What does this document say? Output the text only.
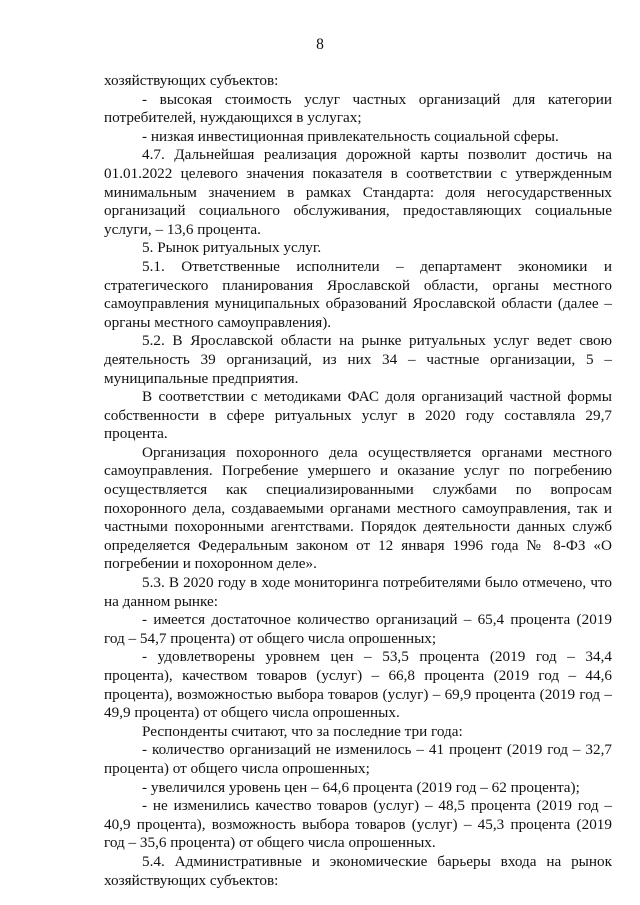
8

хозяйствующих субъектов:

- высокая стоимость услуг частных организаций для категории потребителей, нуждающихся в услугах;

- низкая инвестиционная привлекательность социальной сферы.

4.7. Дальнейшая реализация дорожной карты позволит достичь на 01.01.2022 целевого значения показателя в соответствии с утвержденным минимальным значением в рамках Стандарта: доля негосударственных организаций социального обслуживания, предоставляющих социальные услуги, – 13,6 процента.

5. Рынок ритуальных услуг.

5.1. Ответственные исполнители – департамент экономики и стратегического планирования Ярославской области, органы местного самоуправления муниципальных образований Ярославской области (далее – органы местного самоуправления).

5.2. В Ярославской области на рынке ритуальных услуг ведет свою деятельность 39 организаций, из них 34 – частные организации, 5 – муниципальные предприятия.

В соответствии с методиками ФАС доля организаций частной формы собственности в сфере ритуальных услуг в 2020 году составляла 29,7 процента.

Организация похоронного дела осуществляется органами местного самоуправления. Погребение умершего и оказание услуг по погребению осуществляется как специализированными службами по вопросам похоронного дела, создаваемыми органами местного самоуправления, так и частными похоронными агентствами. Порядок деятельности данных служб определяется Федеральным законом от 12 января 1996 года № 8-ФЗ «О погребении и похоронном деле».

5.3. В 2020 году в ходе мониторинга потребителями было отмечено, что на данном рынке:

- имеется достаточное количество организаций – 65,4 процента (2019 год – 54,7 процента) от общего числа опрошенных;

- удовлетворены уровнем цен – 53,5 процента (2019 год – 34,4 процента), качеством товаров (услуг) – 66,8 процента (2019 год – 44,6 процента), возможностью выбора товаров (услуг) – 69,9 процента (2019 год – 49,9 процента) от общего числа опрошенных.

Респонденты считают, что за последние три года:

- количество организаций не изменилось – 41 процент (2019 год – 32,7 процента) от общего числа опрошенных;

- увеличился уровень цен – 64,6 процента (2019 год – 62 процента);

- не изменились качество товаров (услуг) – 48,5 процента (2019 год – 40,9 процента), возможность выбора товаров (услуг) – 45,3 процента (2019 год – 35,6 процента) от общего числа опрошенных.

5.4. Административные и экономические барьеры входа на рынок хозяйствующих субъектов:
